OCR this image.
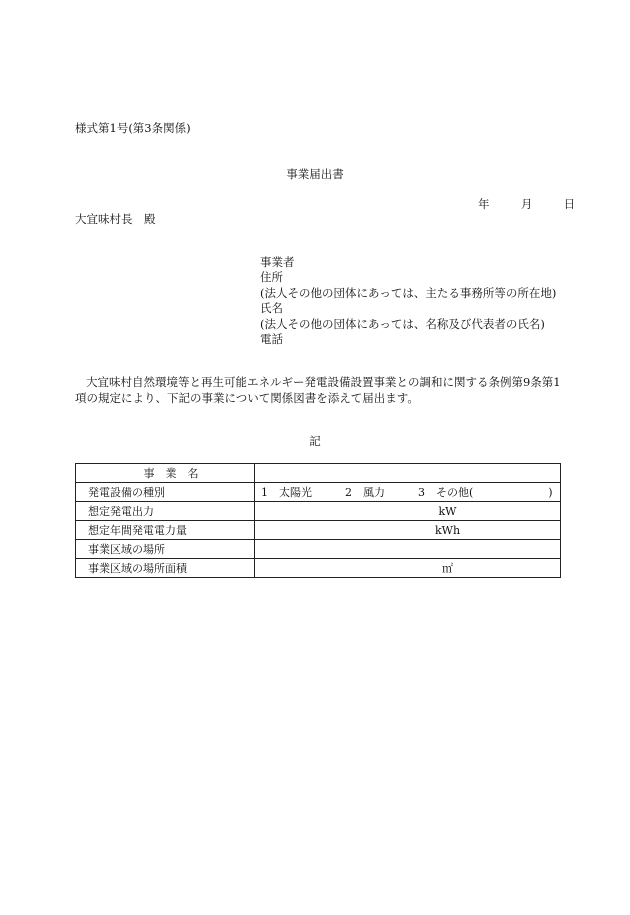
様式第1号(第3条関係)
事業届出書
年	月	日
大宜味村長　殿
事業者
住所
(法人その他の団体にあっては、主たる事務所等の所在地)
氏名
(法人その他の団体にあっては、名称及び代表者の氏名)
電話
大宜味村自然環境等と再生可能エネルギー発電設備設置事業との調和に関する条例第9条第1項の規定により、下記の事業について関係図書を添えて届出ます。
記
事　業　名	
発電設備の種別	1　太陽光 2　風力 3　その他( )
想定発電出力	kW
想定年間発電電力量	kWh
事業区域の場所	
事業区域の場所面積	㎡
